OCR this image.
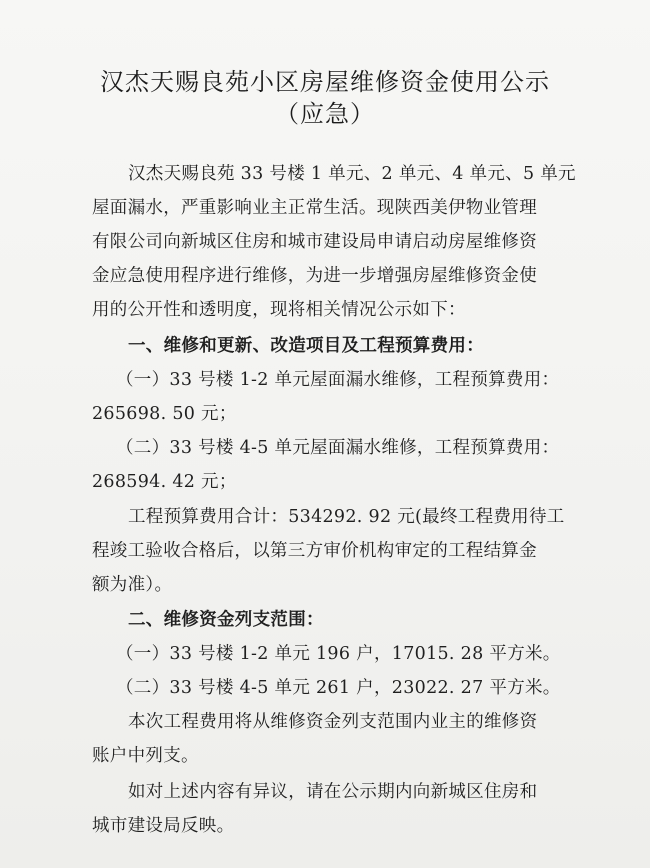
汉杰天赐良苑小区房屋维修资金使用公示
（应急）
汉杰天赐良苑 33 号楼 1 单元、2 单元、4 单元、5 单元
屋面漏水，严重影响业主正常生活。现陕西美伊物业管理
有限公司向新城区住房和城市建设局申请启动房屋维修资
金应急使用程序进行维修，为进一步增强房屋维修资金使
用的公开性和透明度，现将相关情况公示如下：
一、维修和更新、改造项目及工程预算费用：
（一）33 号楼 1-2 单元屋面漏水维修，工程预算费用：
265698. 50 元；
（二）33 号楼 4-5 单元屋面漏水维修，工程预算费用：
268594. 42 元；
工程预算费用合计：534292. 92 元(最终工程费用待工
程竣工验收合格后，以第三方审价机构审定的工程结算金
额为准）。
二、维修资金列支范围：
（一）33 号楼 1-2 单元 196 户，17015. 28 平方米。
（二）33 号楼 4-5 单元 261 户，23022. 27 平方米。
本次工程费用将从维修资金列支范围内业主的维修资
账户中列支。
如对上述内容有异议，请在公示期内向新城区住房和
城市建设局反映。
